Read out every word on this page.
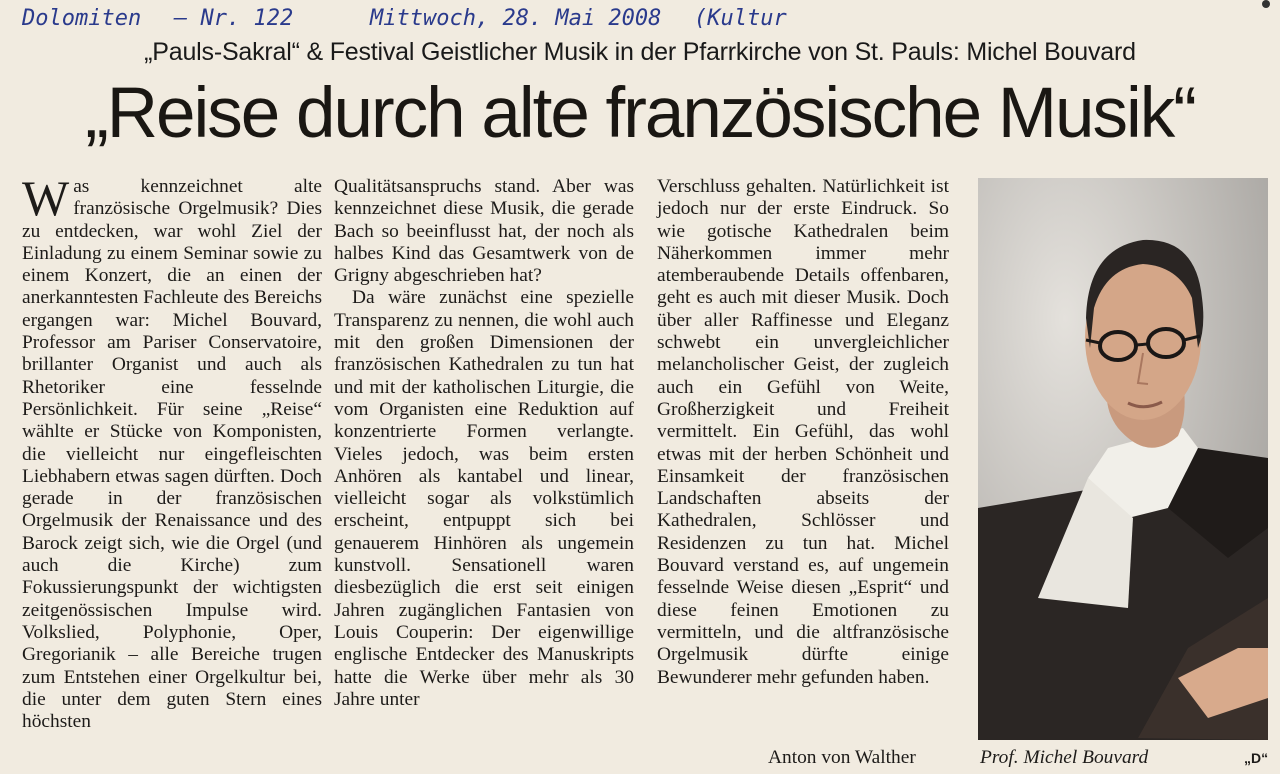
Dolomiten – Nr. 122	Mittwoch, 28. Mai 2008 (Kultur
„Pauls-Sakral“ & Festival Geistlicher Musik in der Pfarrkirche von St. Pauls: Michel Bouvard
„Reise durch alte französische Musik“

Was kennzeichnet alte französische Orgelmusik? Dies zu entdecken, war wohl Ziel der Einladung zu einem Seminar sowie zu einem Konzert, die an einen der anerkanntesten Fachleute des Bereichs ergangen war: Michel Bouvard, Professor am Pariser Conservatoire, brillanter Organist und auch als Rhetoriker eine fesselnde Persönlichkeit. Für seine „Reise“ wählte er Stücke von Komponisten, die vielleicht nur eingefleischten Liebhabern etwas sagen dürften. Doch gerade in der französischen Orgelmusik der Renaissance und des Barock zeigt sich, wie die Orgel (und auch die Kirche) zum Fokussierungspunkt der wichtigsten zeitgenössischen Impulse wird. Volkslied, Polyphonie, Oper, Gregorianik – alle Bereiche trugen zum Entstehen einer Orgelkultur bei, die unter dem guten Stern eines höchsten

Qualitätsanspruchs stand. Aber was kennzeichnet diese Musik, die gerade Bach so beeinflusst hat, der noch als halbes Kind das Gesamtwerk von de Grigny abgeschrieben hat?

Da wäre zunächst eine spezielle Transparenz zu nennen, die wohl auch mit den großen Dimensionen der französischen Kathedralen zu tun hat und mit der katholischen Liturgie, die vom Organisten eine Reduktion auf konzentrierte Formen verlangte. Vieles jedoch, was beim ersten Anhören als kantabel und linear, vielleicht sogar als volkstümlich erscheint, entpuppt sich bei genauerem Hinhören als ungemein kunstvoll. Sensationell waren diesbezüglich die erst seit einigen Jahren zugänglichen Fantasien von Louis Couperin: Der eigenwillige englische Entdecker des Manuskripts hatte die Werke über mehr als 30 Jahre unter

Verschluss gehalten. Natürlichkeit ist jedoch nur der erste Eindruck. So wie gotische Kathedralen beim Näherkommen immer mehr atemberaubende Details offenbaren, geht es auch mit dieser Musik. Doch über aller Raffinesse und Eleganz schwebt ein unvergleichlicher melancholischer Geist, der zugleich auch ein Gefühl von Weite, Großherzigkeit und Freiheit vermittelt. Ein Gefühl, das wohl etwas mit der herben Schönheit und Einsamkeit der französischen Landschaften abseits der Kathedralen, Schlösser und Residenzen zu tun hat. Michel Bouvard verstand es, auf ungemein fesselnde Weise diesen „Esprit“ und diese feinen Emotionen zu vermitteln, und die altfranzösische Orgelmusik dürfte einige Bewunderer mehr gefunden haben.

Anton von Walther	Prof. Michel Bouvard	„D“
